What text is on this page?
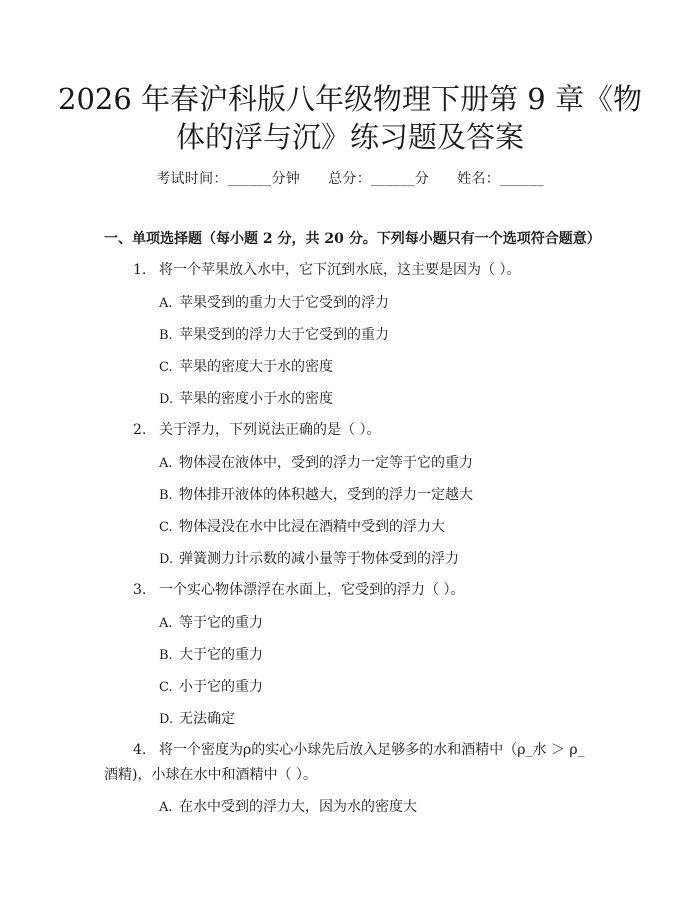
2026 年春沪科版八年级物理下册第 9 章《物
体的浮与沉》练习题及答案
考试时间：______分钟 总分：______分 姓名：______
一、单项选择题（每小题 2 分，共 20 分。下列每小题只有一个选项符合题意）
1. 将一个苹果放入水中，它下沉到水底，这主要是因为（ ）。
A. 苹果受到的重力大于它受到的浮力
B. 苹果受到的浮力大于它受到的重力
C. 苹果的密度大于水的密度
D. 苹果的密度小于水的密度
2. 关于浮力，下列说法正确的是（ ）。
A. 物体浸在液体中，受到的浮力一定等于它的重力
B. 物体排开液体的体积越大，受到的浮力一定越大
C. 物体浸没在水中比浸在酒精中受到的浮力大
D. 弹簧测力计示数的减小量等于物体受到的浮力
3. 一个实心物体漂浮在水面上，它受到的浮力（ ）。
A. 等于它的重力
B. 大于它的重力
C. 小于它的重力
D. 无法确定
4. 将一个密度为ρ的实心小球先后放入足够多的水和酒精中（ρ_水 ＞ ρ_
酒精)，小球在水中和酒精中（ ）。
A. 在水中受到的浮力大，因为水的密度大
